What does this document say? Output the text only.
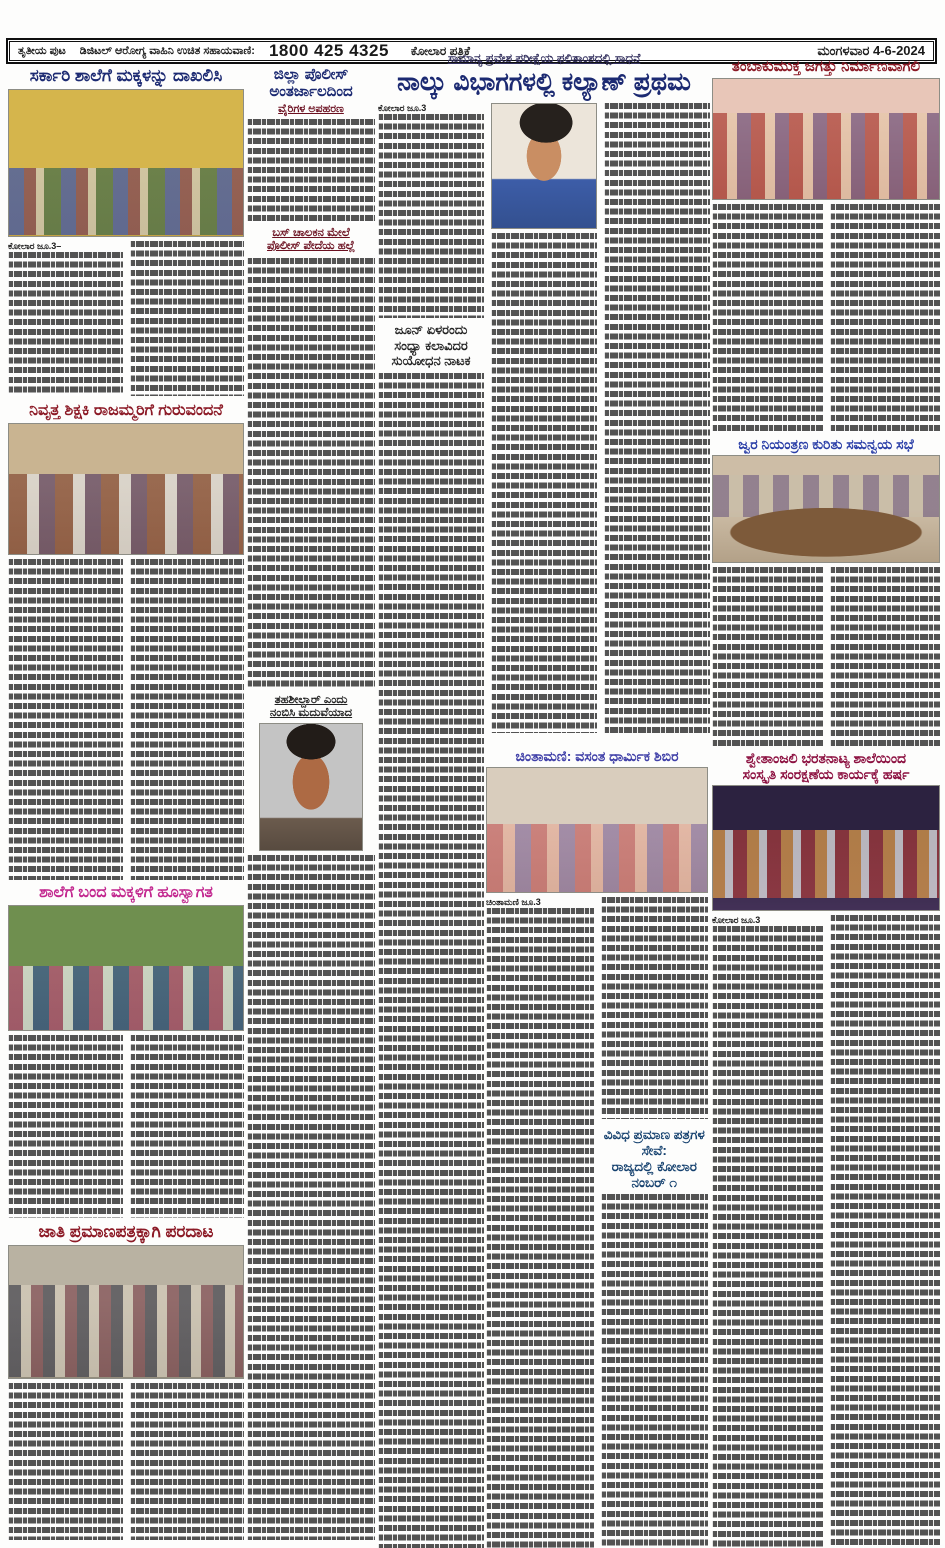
ತೃತೀಯ ಪುಟ ಡಿಜಿಟಲ್ ಆರೋಗ್ಯ ವಾಹಿನಿ ಉಚಿತ ಸಹಾಯವಾಣಿ: 1800 425 4325 ಕೋಲಾರ ಪತ್ರಿಕೆ	ಮಂಗಳವಾರ 4-6-2024
ಸರ್ಕಾರಿ ಶಾಲೆಗೆ ಮಕ್ಕಳನ್ನು ದಾಖಲಿಸಿ

ಕೋಲಾರ ಜೂ.3–

ನಿವೃತ್ತ ಶಿಕ್ಷಕಿ ರಾಜಮ್ಮರಿಗೆ ಗುರುವಂದನೆ
ಶಾಲೆಗೆ ಬಂದ ಮಕ್ಕಳಿಗೆ ಹೂಸ್ವಾಗತ
ಜಾತಿ ಪ್ರಮಾಣಪತ್ರಕ್ಕಾಗಿ ಪರದಾಟ
ಜಿಲ್ಲಾ ಪೊಲೀಸ್
ಅಂತರ್ಜಾಲದಿಂದ
ವೈರಿಗಳ ಅಪಹರಣ
ಬಸ್ ಚಾಲಕನ ಮೇಲೆ
ಪೊಲೀಸ್ ಪೇದೆಯ ಹಲ್ಲೆ
ತಹಶೀಲ್ದಾರ್ ಎಂದು
ನಂಬಿಸಿ ಮದುವೆಯಾದ
ಸಾಮಾನ್ಯ ಪ್ರವೇಶ ಪರೀಕ್ಷೆಯ ಫಲಿತಾಂಶದಲ್ಲಿ ಸಾಧನೆ
ನಾಲ್ಕು ವಿಭಾಗಗಳಲ್ಲಿ ಕಲ್ಯಾಣ್ ಪ್ರಥಮ

ಕೋಲಾರ ಜೂ.3

ಜೂನ್ ಏಳರಂದು
ಸಂಧ್ಯಾ ಕಲಾವಿದರ
ಸುಯೋಧನ ನಾಟಕ
ಚಿಂತಾಮಣಿ: ವಸಂತ ಧಾರ್ಮಿಕ ಶಿಬಿರ

ಚಿಂತಾಮಣಿ ಜೂ.3

ವಿವಿಧ ಪ್ರಮಾಣ ಪತ್ರಗಳ ಸೇವೆ:
ರಾಜ್ಯದಲ್ಲಿ ಕೋಲಾರ ನಂಬರ್ ೧
ತಂಬಾಕುಮುಕ್ತ ಜಗತ್ತು ನಿರ್ಮಾಣವಾಗಲಿ
ಜ್ವರ ನಿಯಂತ್ರಣ ಕುರಿತು ಸಮನ್ವಯ ಸಭೆ
ಶ್ವೇತಾಂಜಲಿ ಭರತನಾಟ್ಯ ಶಾಲೆಯಿಂದ
ಸಂಸ್ಕೃತಿ ಸಂರಕ್ಷಣೆಯ ಕಾರ್ಯಕ್ಕೆ ಹರ್ಷ

ಕೋಲಾರ ಜೂ.3
